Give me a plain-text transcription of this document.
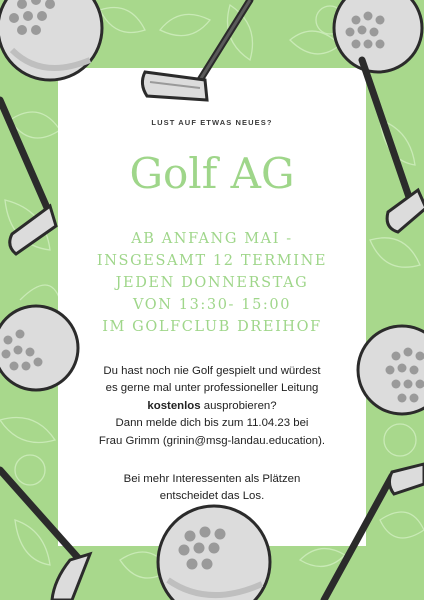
LUST AUF ETWAS NEUES?
Golf AG
AB ANFANG MAI -
INSGESAMT 12 TERMINE
JEDEN DONNERSTAG
VON 13:30- 15:00
IM GOLFCLUB DREIHOF
Du hast noch nie Golf gespielt und würdest
es gerne mal unter professioneller Leitung
kostenlos ausprobieren?
Dann melde dich bis zum 11.04.23 bei
Frau Grimm (grinin@msg-landau.education).
Bei mehr Interessenten als Plätzen
entscheidet das Los.
